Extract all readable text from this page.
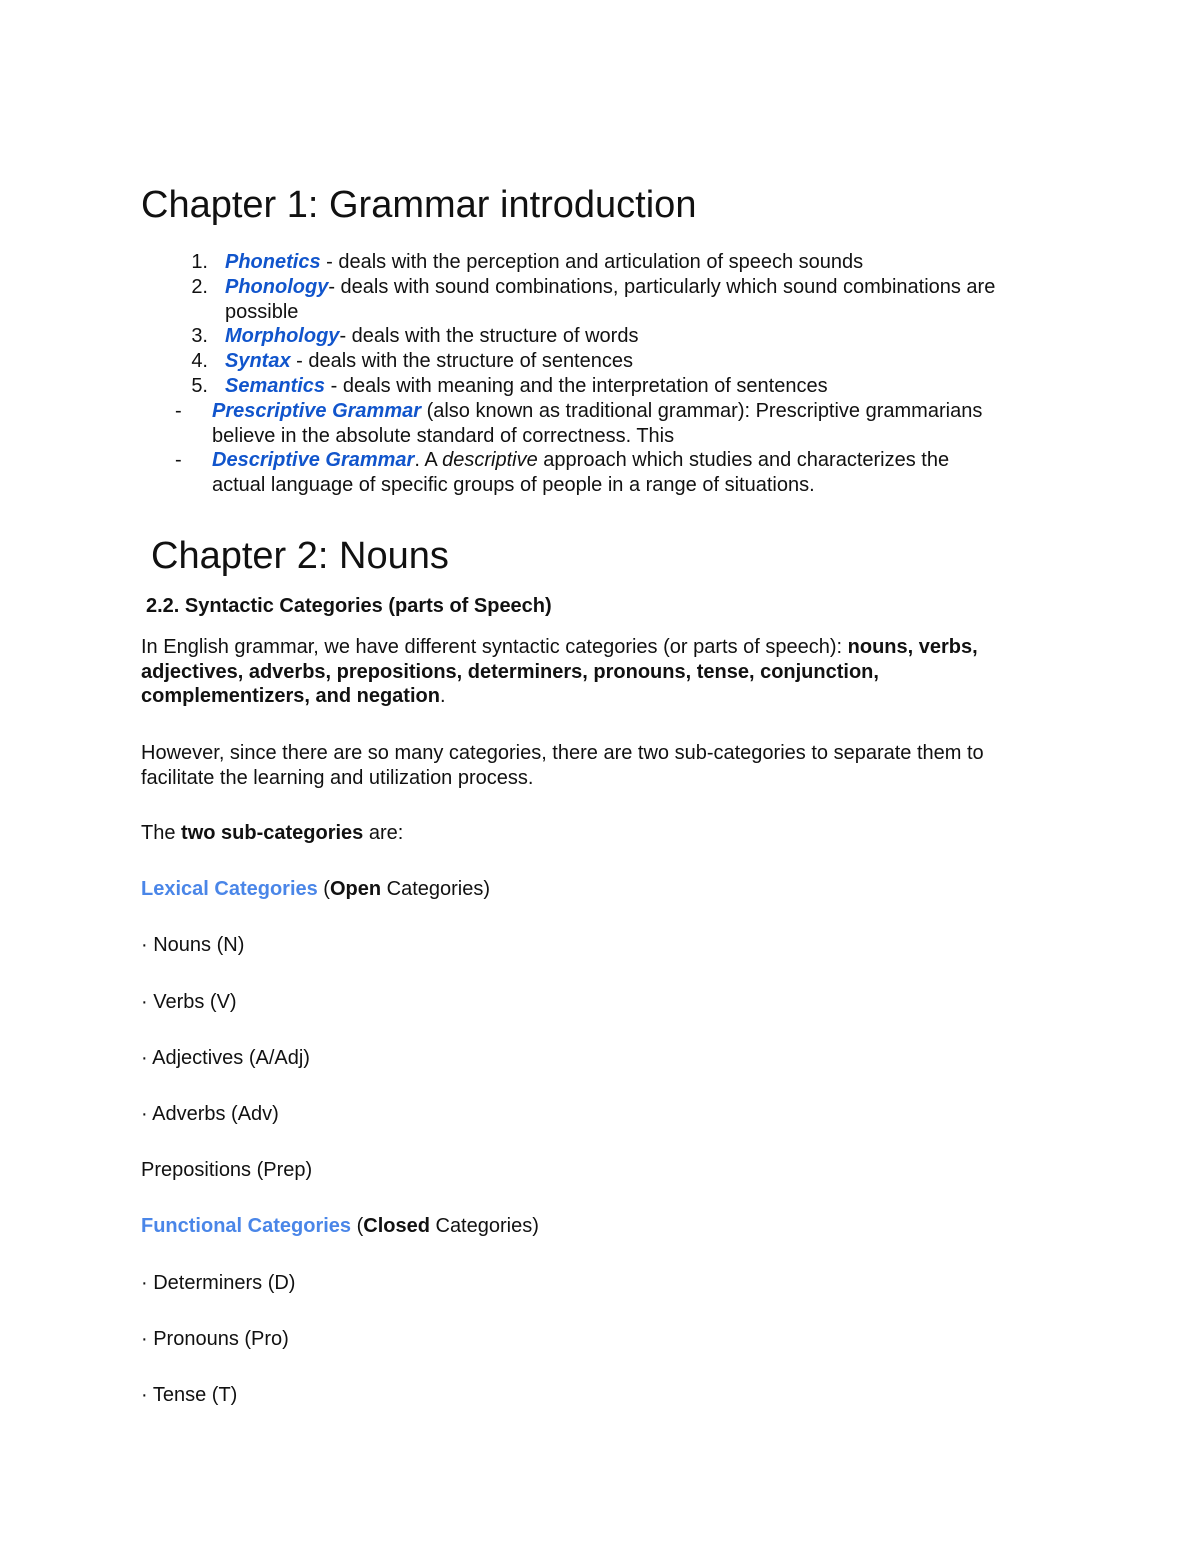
Chapter 1: Grammar introduction
1. Phonetics - deals with the perception and articulation of speech sounds
2. Phonology- deals with sound combinations, particularly which sound combinations are
possible
3. Morphology- deals with the structure of words
4. Syntax - deals with the structure of sentences
5. Semantics - deals with meaning and the interpretation of sentences
- Prescriptive Grammar (also known as traditional grammar): Prescriptive grammarians
believe in the absolute standard of correctness. This
- Descriptive Grammar. A descriptive approach which studies and characterizes the
actual language of specific groups of people in a range of situations.
Chapter 2: Nouns
2.2. Syntactic Categories (parts of Speech)
In English grammar, we have different syntactic categories (or parts of speech): nouns, verbs,
adjectives, adverbs, prepositions, determiners, pronouns, tense, conjunction,
complementizers, and negation.
However, since there are so many categories, there are two sub-categories to separate them to
facilitate the learning and utilization process.
The two sub-categories are:
Lexical Categories (Open Categories)
· Nouns (N)
· Verbs (V)
· Adjectives (A/Adj)
· Adverbs (Adv)
Prepositions (Prep)
Functional Categories (Closed Categories)
· Determiners (D)
· Pronouns (Pro)
· Tense (T)
